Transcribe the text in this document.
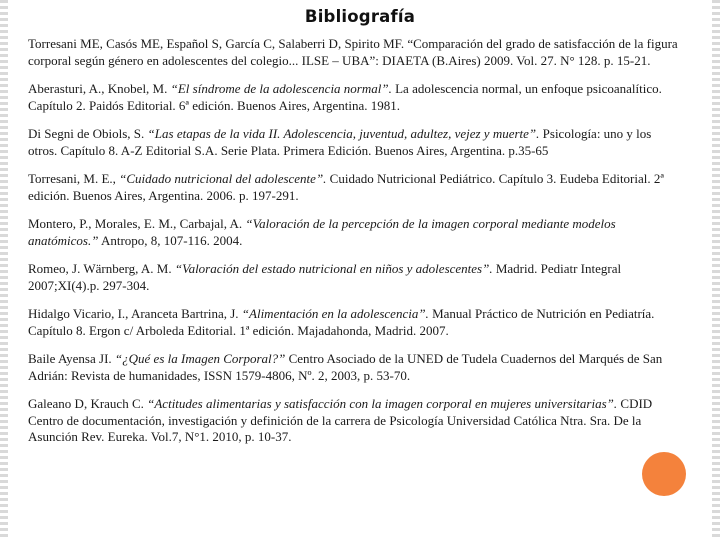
Bibliografía

Torresani ME, Casós ME, Español S, García C, Salaberri D, Spirito MF. “Comparación del grado de satisfacción de la figura corporal según género en adolescentes del colegio... ILSE – UBA”: DIAETA (B.Aires) 2009. Vol. 27. N° 128. p. 15-21.

Aberasturi, A., Knobel, M. “El síndrome de la adolescencia normal”. La adolescencia normal, un enfoque psicoanalítico. Capítulo 2. Paidós Editorial. 6ª edición. Buenos Aires, Argentina. 1981.

Di Segni de Obiols, S. “Las etapas de la vida II. Adolescencia, juventud, adultez, vejez y muerte”. Psicología: uno y los otros. Capítulo 8. A-Z Editorial S.A. Serie Plata. Primera Edición. Buenos Aires, Argentina. p.35-65

Torresani, M. E., “Cuidado nutricional del adolescente”. Cuidado Nutricional Pediátrico. Capítulo 3. Eudeba Editorial. 2ª edición. Buenos Aires, Argentina. 2006. p. 197-291.

Montero, P., Morales, E. M., Carbajal, A. “Valoración de la percepción de la imagen corporal mediante modelos anatómicos.” Antropo, 8, 107-116. 2004.

Romeo, J. Wärnberg, A. M. “Valoración del estado nutricional en niños y adolescentes”. Madrid. Pediatr Integral 2007;XI(4).p. 297-304.

Hidalgo Vicario, I., Aranceta Bartrina, J. “Alimentación en la adolescencia”. Manual Práctico de Nutrición en Pediatría. Capítulo 8. Ergon c/ Arboleda Editorial. 1ª edición. Majadahonda, Madrid. 2007.

Baile Ayensa JI. “¿Qué es la Imagen Corporal?” Centro Asociado de la UNED de Tudela Cuadernos del Marqués de San Adrián: Revista de humanidades, ISSN 1579-4806, Nº. 2, 2003, p. 53-70.

Galeano D, Krauch C. “Actitudes alimentarias y satisfacción con la imagen corporal en mujeres universitarias”. CDID Centro de documentación, investigación y definición de la carrera de Psicología Universidad Católica Ntra. Sra. De la Asunción Rev. Eureka. Vol.7, N°1. 2010, p. 10-37.
